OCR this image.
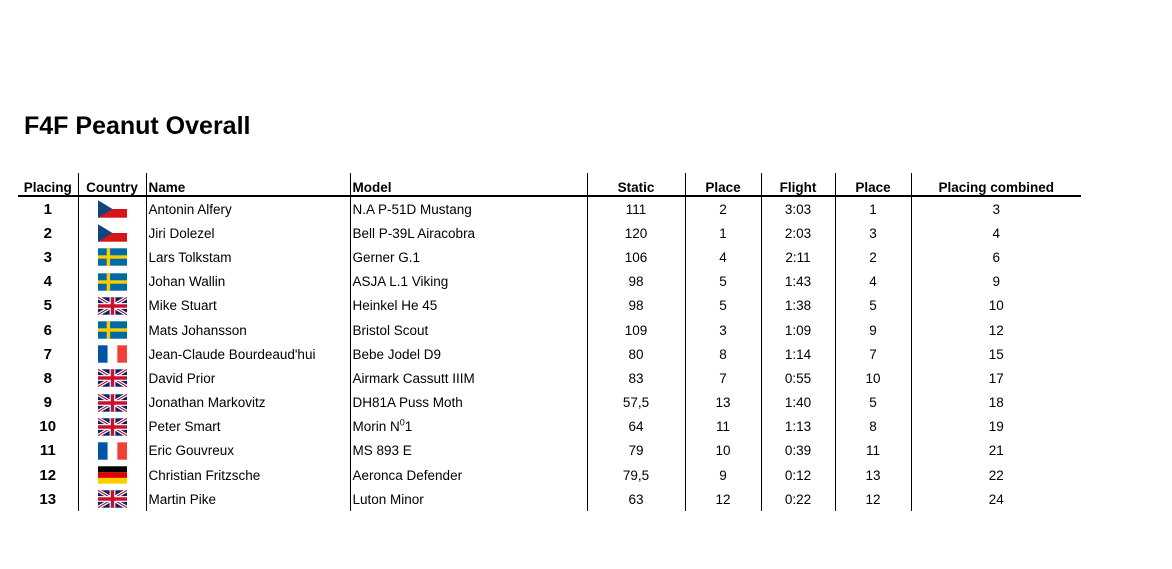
F4F Peanut Overall
Placing	Country	Name	Model	Static	Place	Flight	Place	Placing combined
1		Antonin Alfery	N.A P-51D Mustang	111	2	3:03	1	3
2		Jiri Dolezel	Bell P-39L Airacobra	120	1	2:03	3	4
3		Lars Tolkstam	Gerner G.1	106	4	2:11	2	6
4		Johan Wallin	ASJA L.1 Viking	98	5	1:43	4	9
5		Mike Stuart	Heinkel He 45	98	5	1:38	5	10
6		Mats Johansson	Bristol Scout	109	3	1:09	9	12
7		Jean-Claude Bourdeaud'hui	Bebe Jodel D9	80	8	1:14	7	15
8		David Prior	Airmark Cassutt IIIM	83	7	0:55	10	17
9		Jonathan Markovitz	DH81A Puss Moth	57,5	13	1:40	5	18
10		Peter Smart	Morin $N^01$	64	11	1:13	8	19
11		Eric Gouvreux	MS 893 E	79	10	0:39	11	21
12		Christian Fritzsche	Aeronca Defender	79,5	9	0:12	13	22
13		Martin Pike	Luton Minor	63	12	0:22	12	24
